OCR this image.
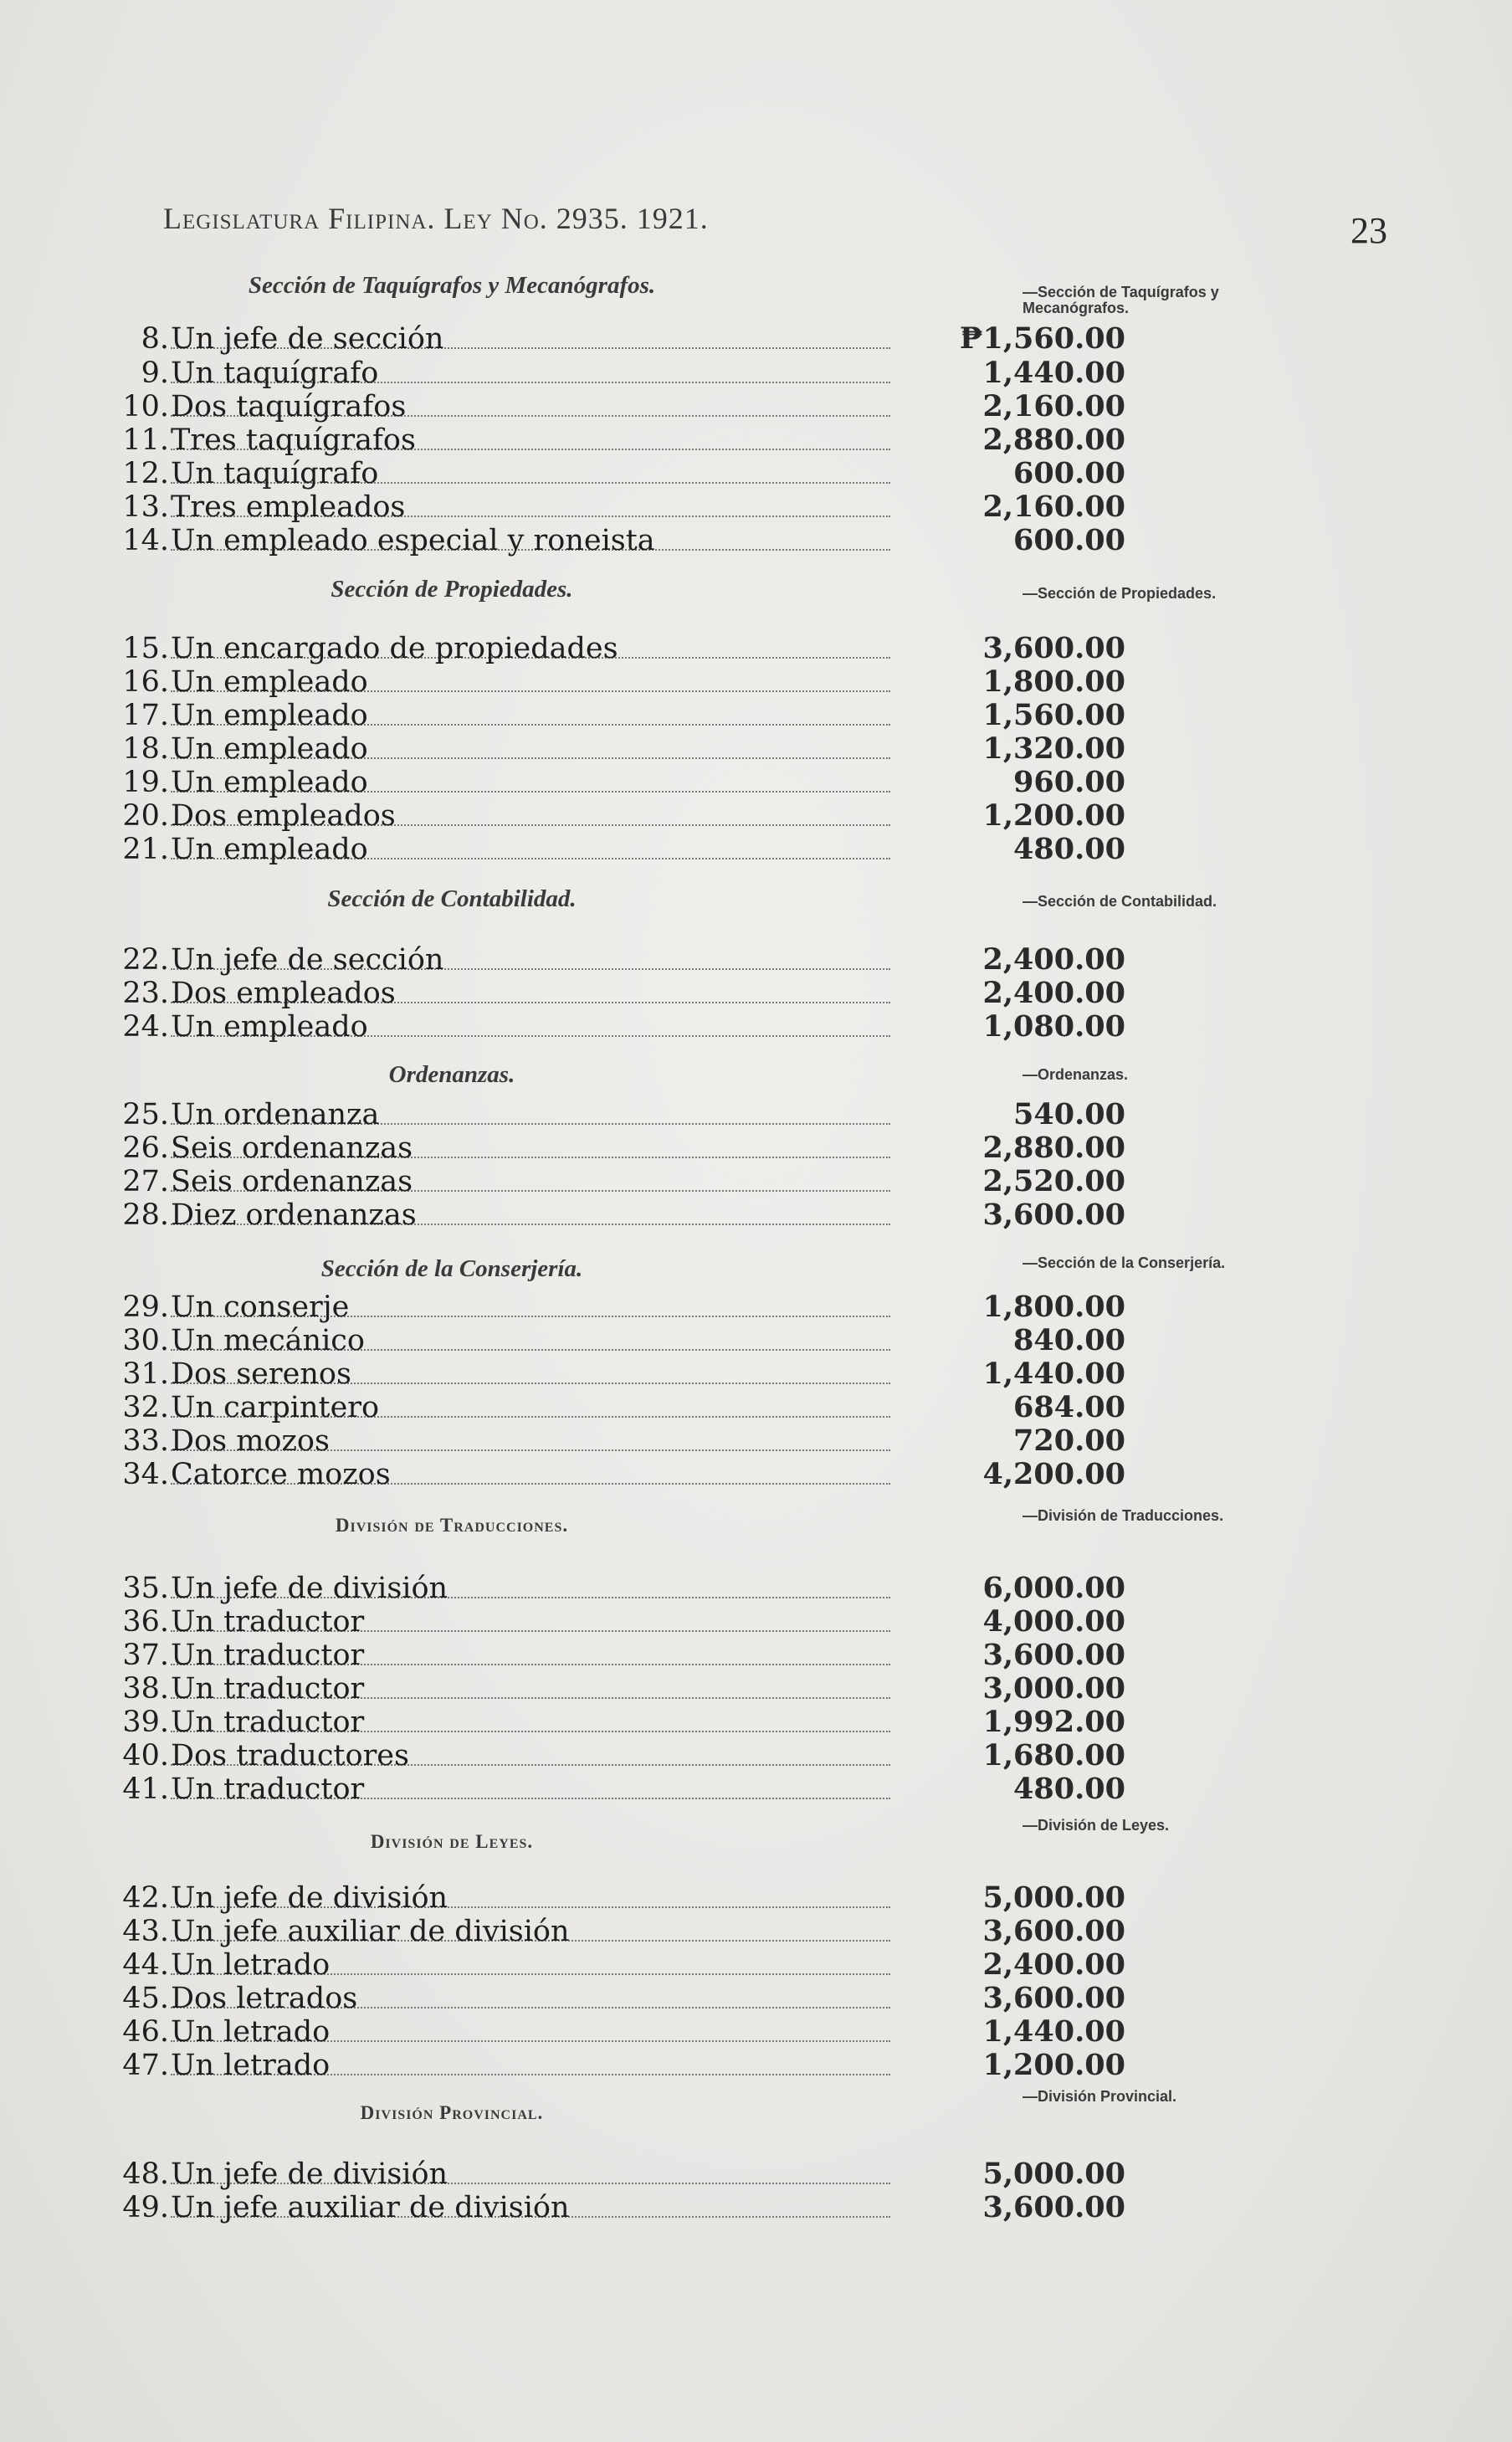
Legislatura Filipina. Ley No. 2935. 1921.	23
Sección de Taquígrafos y Mecanógrafos.	—Sección de Taquígrafos y Mecanógrafos.
8. Un jefe de sección	₱1,560.00
9. Un taquígrafo	1,440.00
10. Dos taquígrafos	2,160.00
11. Tres taquígrafos	2,880.00
12. Un taquígrafo	600.00
13. Tres empleados	2,160.00
14. Un empleado especial y roneista	600.00
Sección de Propiedades.	—Sección de Propiedades.
15. Un encargado de propiedades	3,600.00
16. Un empleado	1,800.00
17. Un empleado	1,560.00
18. Un empleado	1,320.00
19. Un empleado	960.00
20. Dos empleados	1,200.00
21. Un empleado	480.00
Sección de Contabilidad.	—Sección de Contabilidad.
22. Un jefe de sección	2,400.00
23. Dos empleados	2,400.00
24. Un empleado	1,080.00
Ordenanzas.	—Ordenanzas.
25. Un ordenanza	540.00
26. Seis ordenanzas	2,880.00
27. Seis ordenanzas	2,520.00
28. Diez ordenanzas	3,600.00
Sección de la Conserjería.	—Sección de la Conserjería.
29. Un conserje	1,800.00
30. Un mecánico	840.00
31. Dos serenos	1,440.00
32. Un carpintero	684.00
33. Dos mozos	720.00
34. Catorce mozos	4,200.00
División de Traducciones.	—División de Traducciones.
35. Un jefe de división	6,000.00
36. Un traductor	4,000.00
37. Un traductor	3,600.00
38. Un traductor	3,000.00
39. Un traductor	1,992.00
40. Dos traductores	1,680.00
41. Un traductor	480.00
División de Leyes.
—División de Leyes.
42. Un jefe de división	5,000.00
43. Un jefe auxiliar de división	3,600.00
44. Un letrado	2,400.00
45. Dos letrados	3,600.00
46. Un letrado	1,440.00
47. Un letrado	1,200.00
División Provincial.
—División Provincial.
48. Un jefe de división	5,000.00
49. Un jefe auxiliar de división	3,600.00
